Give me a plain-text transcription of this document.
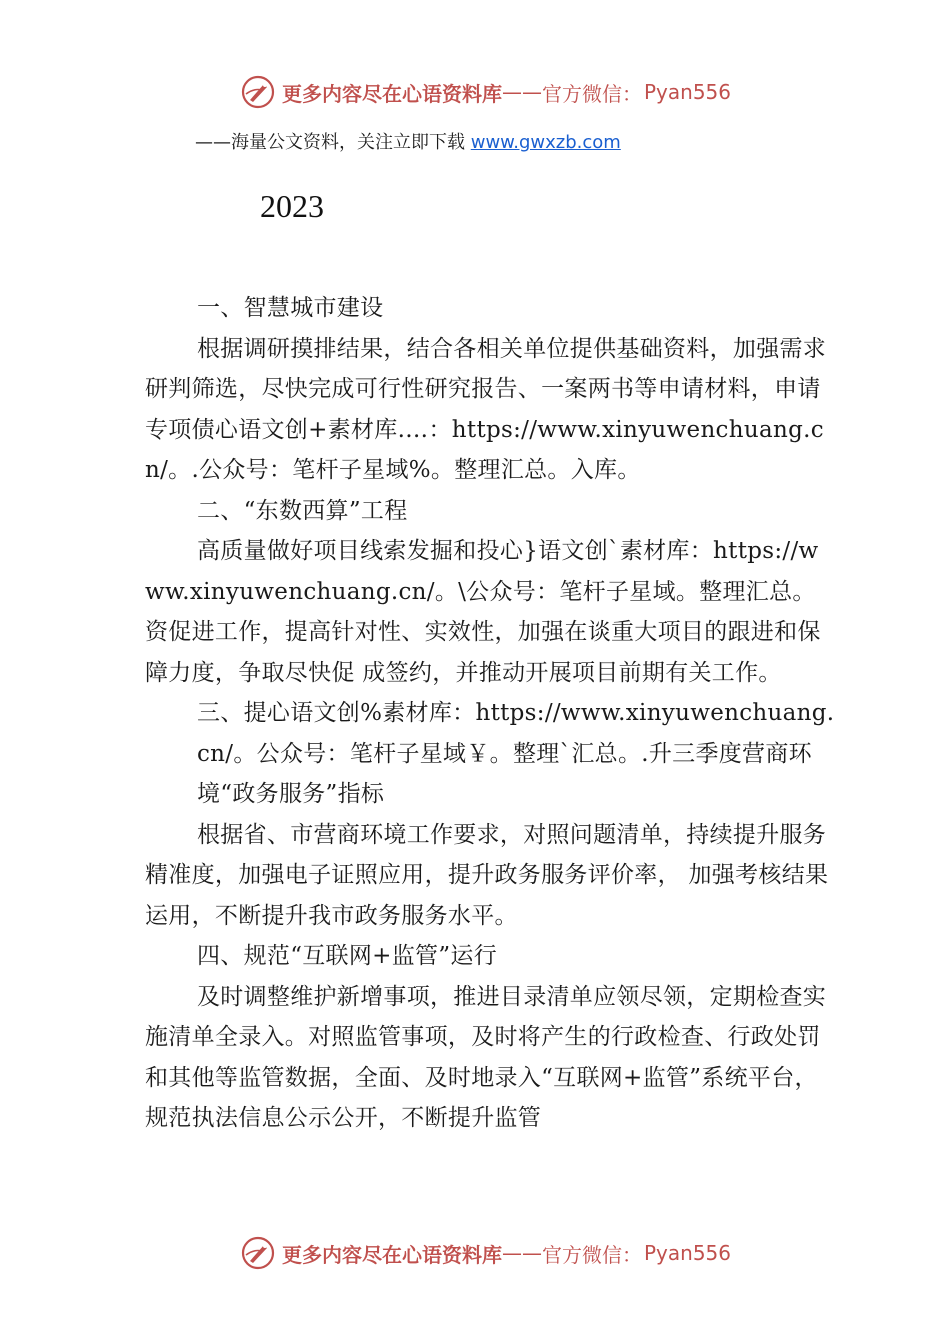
更多内容尽在心语资料库 — — 官方微信： Pyan556
——海量公文资料，关注立即下载 www.gwxzb.com
2023

一、智慧城市建设

根据调研摸排结果，结合各相关单位提供基础资料，加强需求研判筛选，尽快完成可行性研究报告、一案两书等申请材料，申请专项债心语文创+素材库.…：https://www.xinyuwenchuang.cn/。.公众号：笔杆子星域%。整理汇总。入库。

二、“东数西算”工程

高质量做好项目线索发掘和投心}语文创`素材库：https://www.xinyuwenchuang.cn/。\公众号：笔杆子星域。整理汇总。资促进工作，提高针对性、实效性，加强在谈重大项目的跟进和保障力度，争取尽快促 成签约，并推动开展项目前期有关工作。

三、提心语文创%素材库：https://www.xinyuwenchuang.cn/。公众号：笔杆子星域￥。整理`汇总。.升三季度营商环境“政务服务”指标

根据省、市营商环境工作要求，对照问题清单，持续提升服务精准度，加强电子证照应用，提升政务服务评价率， 加强考核结果运用，不断提升我市政务服务水平。

四、规范“互联网+监管”运行

及时调整维护新增事项，推进目录清单应领尽领，定期检查实施清单全录入。对照监管事项，及时将产生的行政检查、行政处罚和其他等监管数据，全面、及时地录入“互联网+监管”系统平台，规范执法信息公示公开，不断提升监管

更多内容尽在心语资料库 — — 官方微信： Pyan556
